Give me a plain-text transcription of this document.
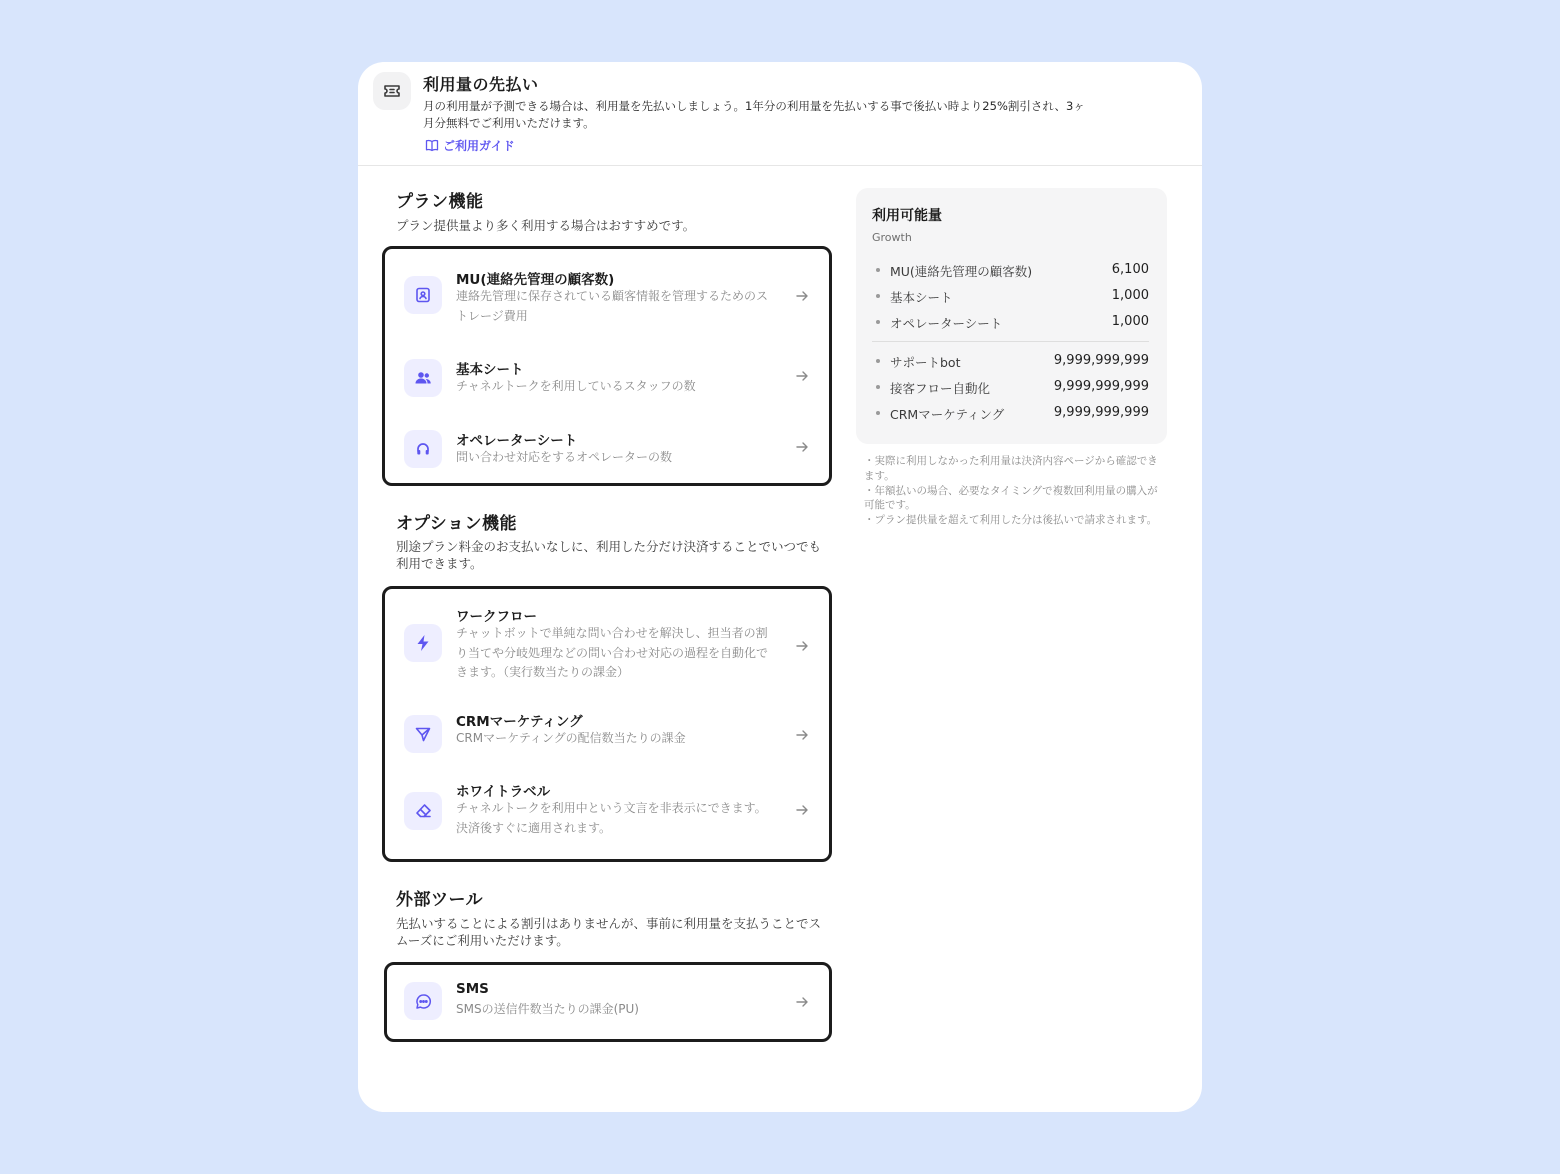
利用量の先払い
月の利用量が予測できる場合は、利用量を先払いしましょう。1年分の利用量を先払いする事で後払い時より25%割引され、3ヶ月分無料でご利用いただけます。
ご利用ガイド
プラン機能
プラン提供量より多く利用する場合はおすすめです。
MU(連絡先管理の顧客数)
連絡先管理に保存されている顧客情報を管理するためのストレージ費用
基本シート
チャネルトークを利用しているスタッフの数
オペレーターシート
問い合わせ対応をするオペレーターの数
オプション機能
別途プラン料金のお支払いなしに、利用した分だけ決済することでいつでも利用できます。
ワークフロー
チャットボットで単純な問い合わせを解決し、担当者の割り当てや分岐処理などの問い合わせ対応の過程を自動化できます。（実行数当たりの課金）
CRMマーケティング
CRMマーケティングの配信数当たりの課金
ホワイトラベル
チャネルトークを利用中という文言を非表示にできます。決済後すぐに適用されます。
外部ツール
先払いすることによる割引はありませんが、事前に利用量を支払うことでスムーズにご利用いただけます。
SMS
SMSの送信件数当たりの課金(PU)
利用可能量
Growth
MU(連絡先管理の顧客数)	6,100
基本シート	1,000
オペレーターシート	1,000
サポートbot	9,999,999,999
接客フロー自動化	9,999,999,999
CRMマーケティング	9,999,999,999
・実際に利用しなかった利用量は決済内容ページから確認できます。
・年額払いの場合、必要なタイミングで複数回利用量の購入が可能です。
・プラン提供量を超えて利用した分は後払いで請求されます。
